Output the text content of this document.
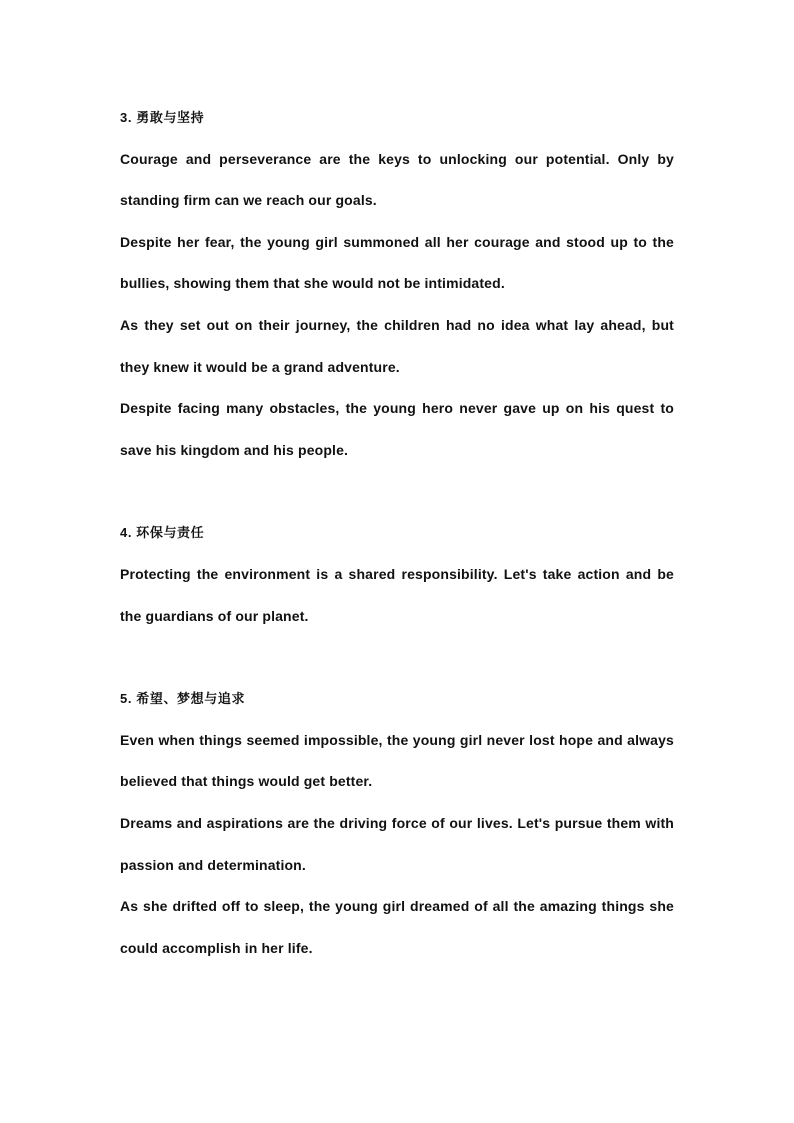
3. 勇敢与坚持

Courage and perseverance are the keys to unlocking our potential. Only by standing firm can we reach our goals.

Despite her fear, the young girl summoned all her courage and stood up to the bullies, showing them that she would not be intimidated.

As they set out on their journey, the children had no idea what lay ahead, but they knew it would be a grand adventure.

Despite facing many obstacles, the young hero never gave up on his quest to save his kingdom and his people.

4. 环保与责任

Protecting the environment is a shared responsibility. Let's take action and be the guardians of our planet.

5. 希望、梦想与追求

Even when things seemed impossible, the young girl never lost hope and always believed that things would get better.

Dreams and aspirations are the driving force of our lives. Let's pursue them with passion and determination.

As she drifted off to sleep, the young girl dreamed of all the amazing things she could accomplish in her life.
